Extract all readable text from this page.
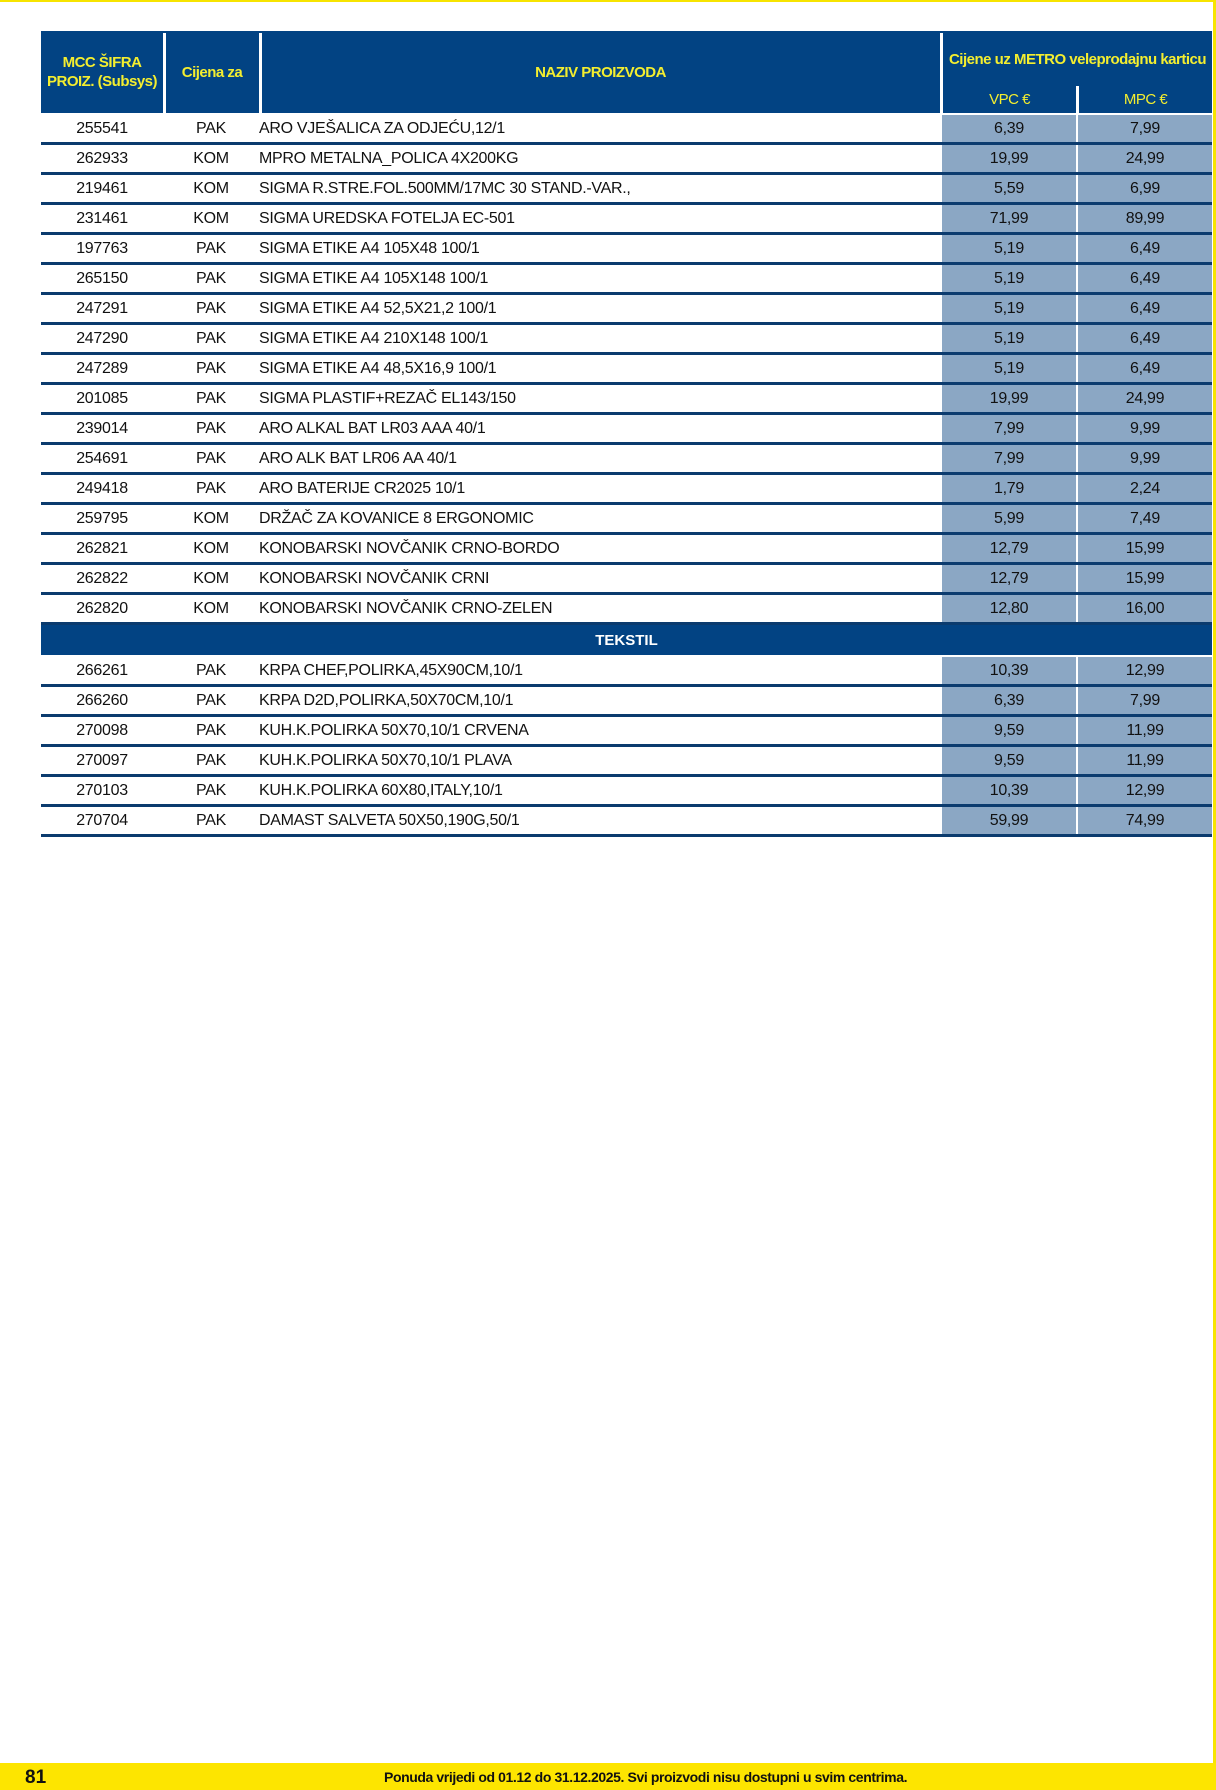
MCC ŠIFRA PROIZ. (Subsys)
Cijena za	NAZIV PROIZVODA
Cijene uz METRO veleprodajnu karticu
VPC €	MPC €
255541	PAK	ARO VJEŠALICA ZA ODJEĆU,12/1	6,39	7,99
262933	KOM	MPRO METALNA_POLICA 4X200KG	19,99	24,99
219461	KOM	SIGMA R.STRE.FOL.500MM/17MC 30 STAND.-VAR.,	5,59	6,99
231461	KOM	SIGMA UREDSKA FOTELJA EC-501	71,99	89,99
197763	PAK	SIGMA ETIKE A4 105X48 100/1	5,19	6,49
265150	PAK	SIGMA ETIKE A4 105X148 100/1	5,19	6,49
247291	PAK	SIGMA ETIKE A4 52,5X21,2 100/1	5,19	6,49
247290	PAK	SIGMA ETIKE A4 210X148 100/1	5,19	6,49
247289	PAK	SIGMA ETIKE A4 48,5X16,9 100/1	5,19	6,49
201085	PAK	SIGMA PLASTIF+REZAČ EL143/150	19,99	24,99
239014	PAK	ARO ALKAL BAT LR03 AAA 40/1	7,99	9,99
254691	PAK	ARO ALK BAT LR06 AA 40/1	7,99	9,99
249418	PAK	ARO BATERIJE CR2025 10/1	1,79	2,24
259795	KOM	DRŽAČ ZA KOVANICE 8 ERGONOMIC	5,99	7,49
262821	KOM	KONOBARSKI NOVČANIK CRNO-BORDO	12,79	15,99
262822	KOM	KONOBARSKI NOVČANIK CRNI	12,79	15,99
262820	KOM	KONOBARSKI NOVČANIK CRNO-ZELEN	12,80	16,00
TEKSTIL
266261	PAK	KRPA CHEF,POLIRKA,45X90CM,10/1	10,39	12,99
266260	PAK	KRPA D2D,POLIRKA,50X70CM,10/1	6,39	7,99
270098	PAK	KUH.K.POLIRKA 50X70,10/1 CRVENA	9,59	11,99
270097	PAK	KUH.K.POLIRKA 50X70,10/1 PLAVA	9,59	11,99
270103	PAK	KUH.K.POLIRKA 60X80,ITALY,10/1	10,39	12,99
270704	PAK	DAMAST SALVETA 50X50,190G,50/1	59,99	74,99
81	Ponuda vrijedi od 01.12 do 31.12.2025. Svi proizvodi nisu dostupni u svim centrima.
